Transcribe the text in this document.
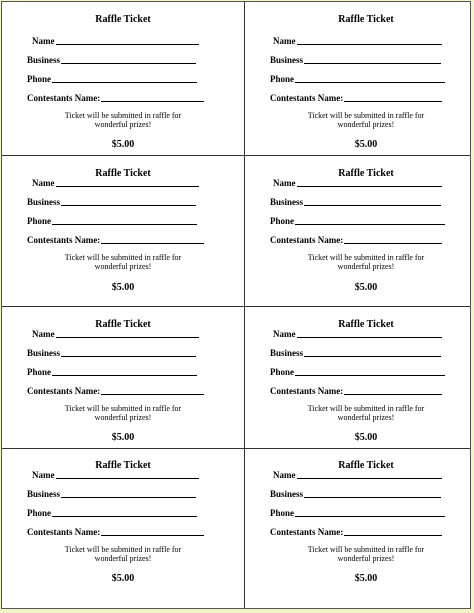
Raffle Ticket
Name
Business
Phone
Contestants Name:
Ticket will be submitted in raffle for
wonderful prizes!
$5.00
Raffle Ticket
Name
Business
Phone
Contestants Name:
Ticket will be submitted in raffle for
wonderful prizes!
$5.00
Raffle Ticket
Name
Business
Phone
Contestants Name:
Ticket will be submitted in raffle for
wonderful prizes!
$5.00
Raffle Ticket
Name
Business
Phone
Contestants Name:
Ticket will be submitted in raffle for
wonderful prizes!
$5.00
Raffle Ticket
Name
Business
Phone
Contestants Name:
Ticket will be submitted in raffle for
wonderful prizes!
$5.00
Raffle Ticket
Name
Business
Phone
Contestants Name:
Ticket will be submitted in raffle for
wonderful prizes!
$5.00
Raffle Ticket
Name
Business
Phone
Contestants Name:
Ticket will be submitted in raffle for
wonderful prizes!
$5.00
Raffle Ticket
Name
Business
Phone
Contestants Name:
Ticket will be submitted in raffle for
wonderful prizes!
$5.00
